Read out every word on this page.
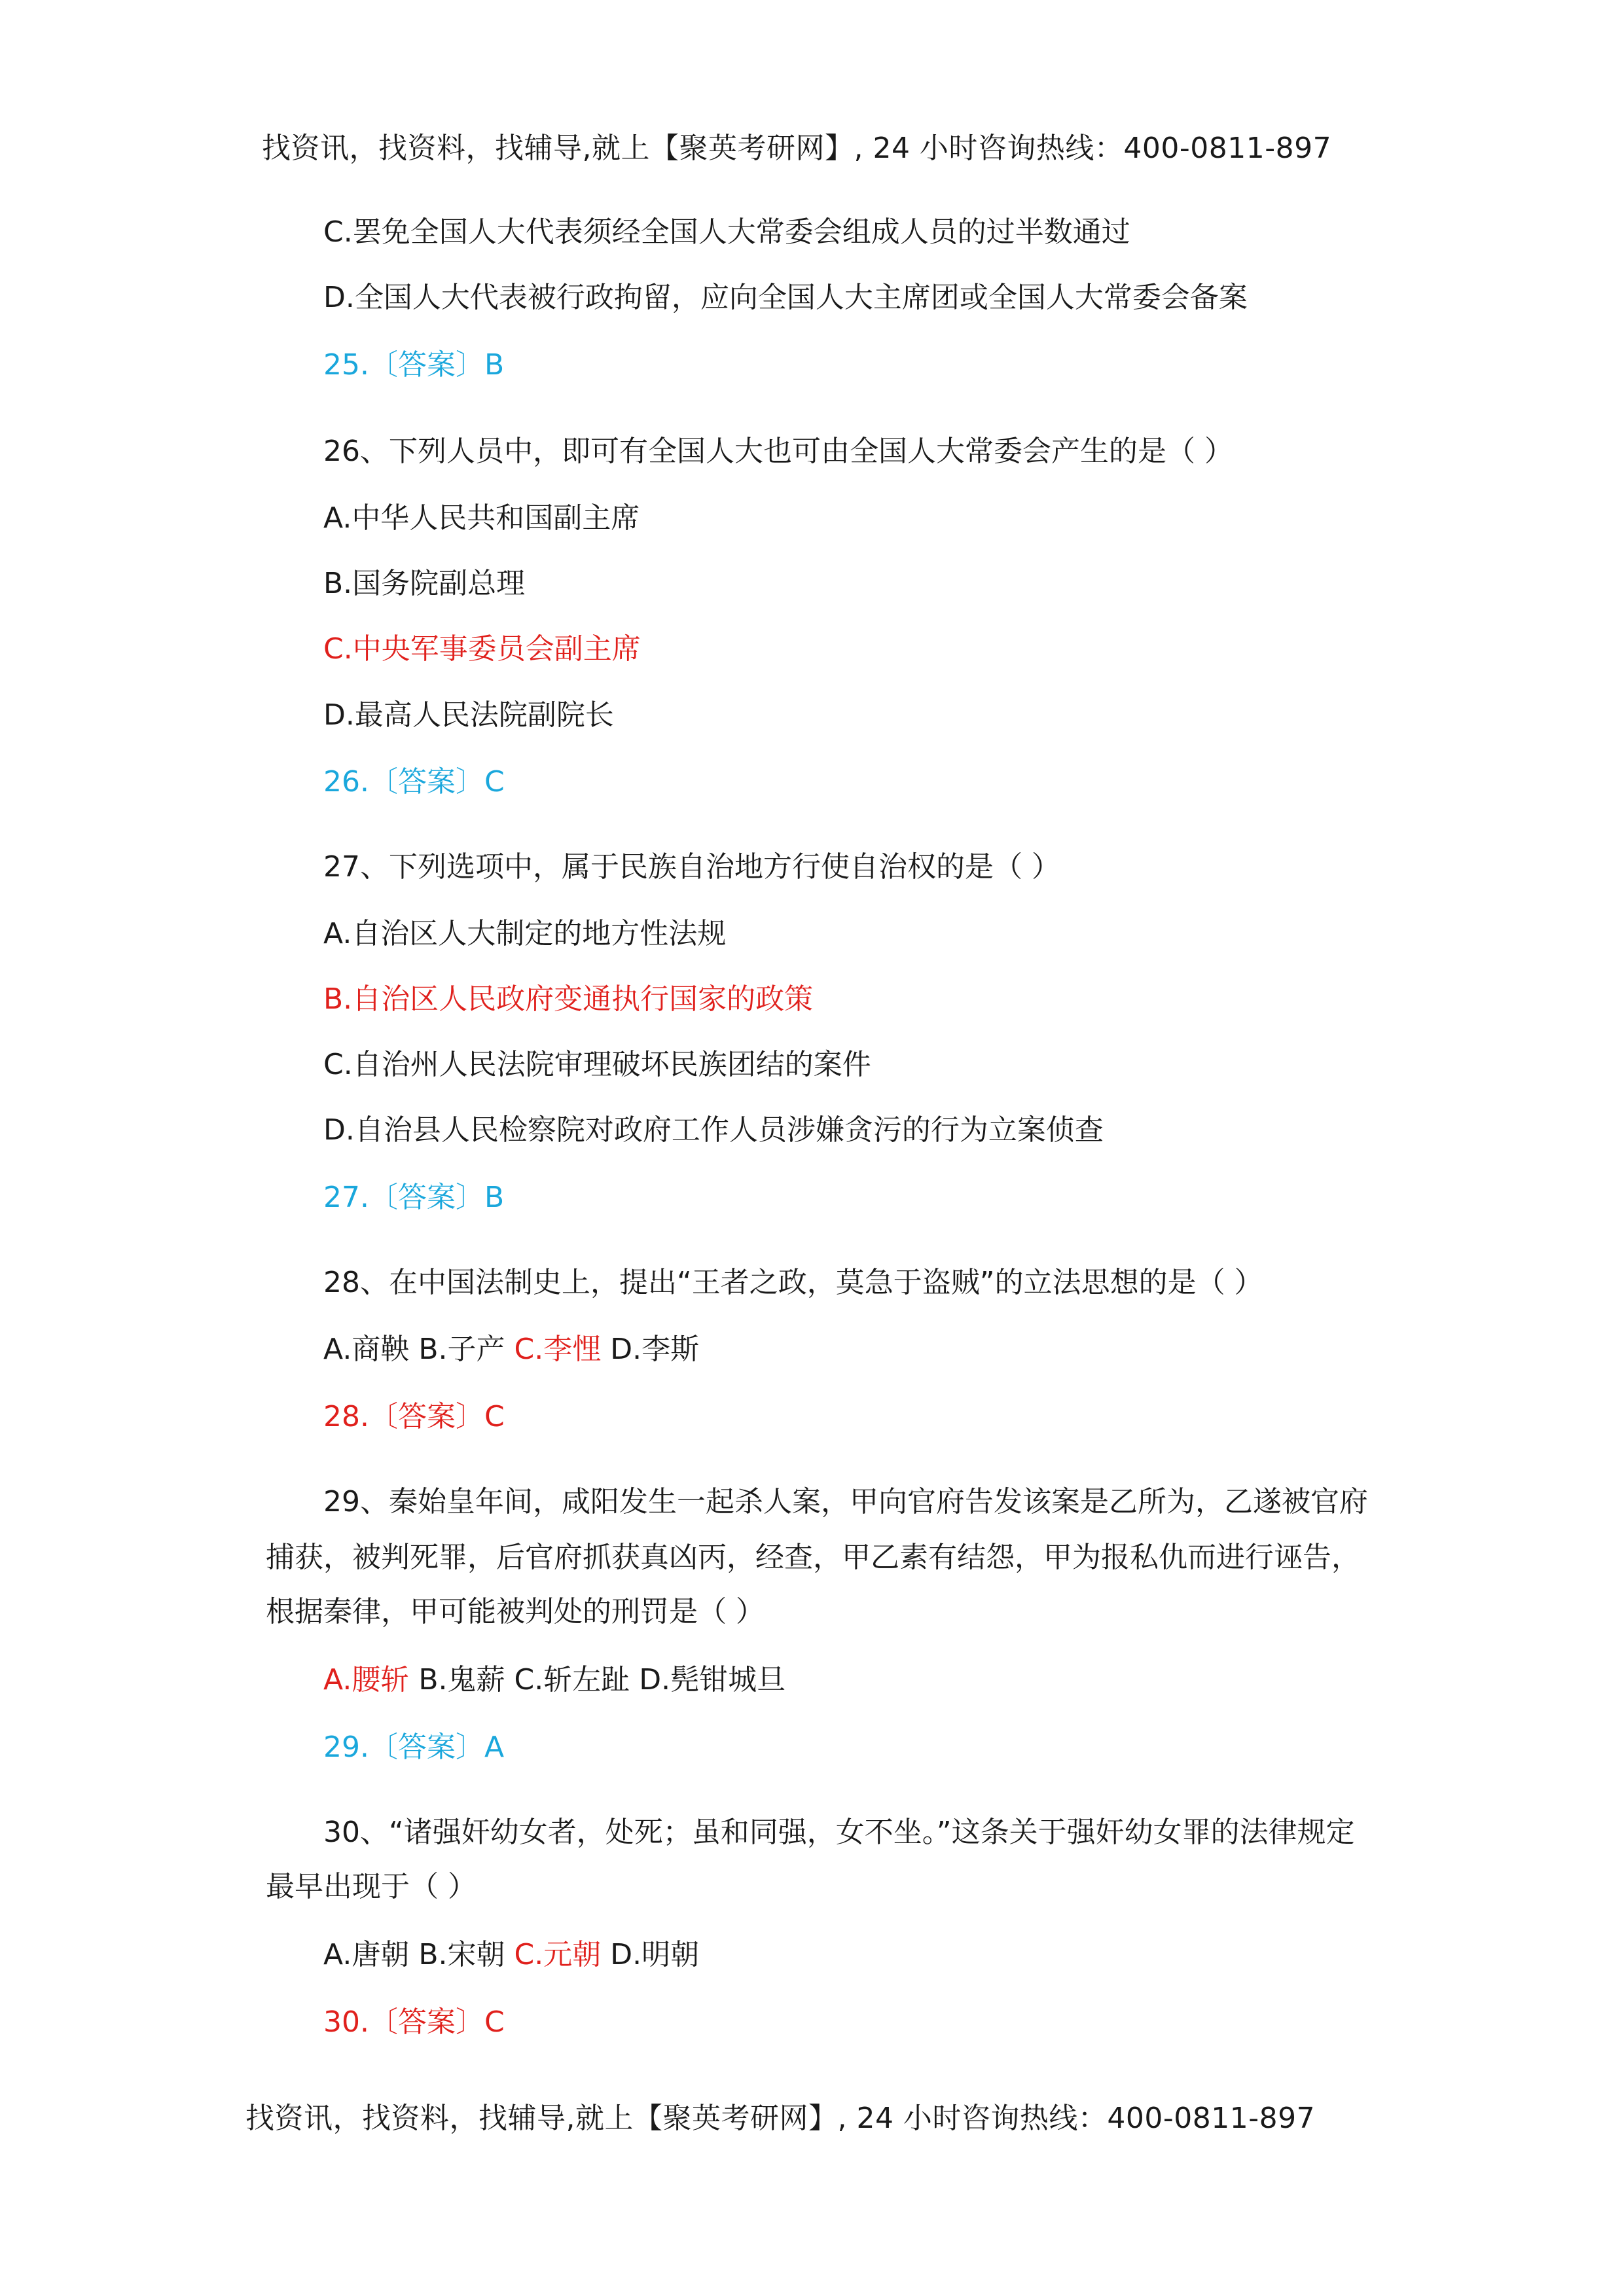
找资讯，找资料，找辅导,就上【聚英考研网】, 24 小时咨询热线：400-0811-897
C.罢免全国人大代表须经全国人大常委会组成人员的过半数通过
D.全国人大代表被行政拘留，应向全国人大主席团或全国人大常委会备案
25.〔答案〕B
26、下列人员中，即可有全国人大也可由全国人大常委会产生的是（ ）
A.中华人民共和国副主席
B.国务院副总理
C.中央军事委员会副主席
D.最高人民法院副院长
26.〔答案〕C
27、下列选项中，属于民族自治地方行使自治权的是（ ）
A.自治区人大制定的地方性法规
B.自治区人民政府变通执行国家的政策
C.自治州人民法院审理破坏民族团结的案件
D.自治县人民检察院对政府工作人员涉嫌贪污的行为立案侦查
27.〔答案〕B
28、在中国法制史上，提出“王者之政，莫急于盗贼”的立法思想的是（ ）
A.商鞅 B.子产 C.李悝 D.李斯
28.〔答案〕C
29、秦始皇年间，咸阳发生一起杀人案，甲向官府告发该案是乙所为，乙遂被官府
捕获，被判死罪，后官府抓获真凶丙，经查，甲乙素有结怨，甲为报私仇而进行诬告，
根据秦律，甲可能被判处的刑罚是（ ）
A.腰斩 B.鬼薪 C.斩左趾 D.髡钳城旦
29.〔答案〕A
30、“诸强奸幼女者，处死；虽和同强，女不坐。”这条关于强奸幼女罪的法律规定
最早出现于（ ）
A.唐朝 B.宋朝 C.元朝 D.明朝
30.〔答案〕C
找资讯，找资料，找辅导,就上【聚英考研网】, 24 小时咨询热线：400-0811-897
